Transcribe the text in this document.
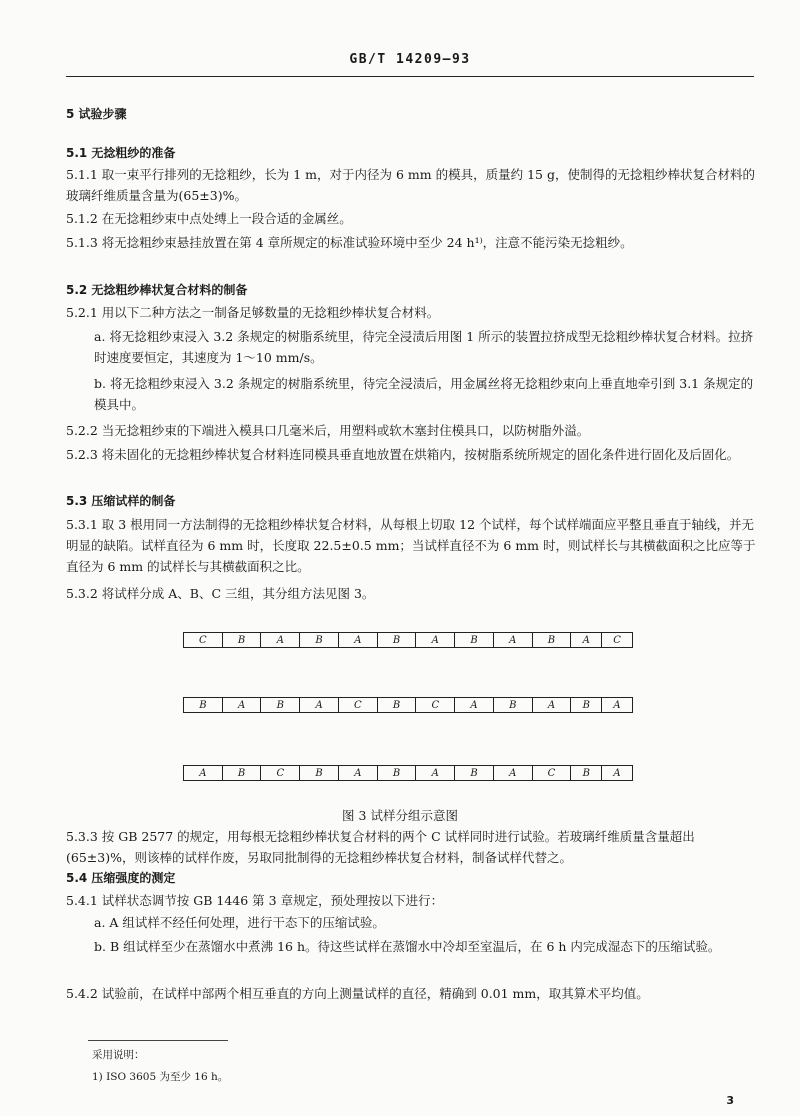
GB/T 14209—93
5 试验步骤
5.1 无捻粗纱的准备
5.1.1 取一束平行排列的无捻粗纱，长为 1 m，对于内径为 6 mm 的模具，质量约 15 g，使制得的无捻粗纱棒状复合材料的玻璃纤维质量含量为(65±3)%。
5.1.2 在无捻粗纱束中点处缚上一段合适的金属丝。
5.1.3 将无捻粗纱束悬挂放置在第 4 章所规定的标准试验环境中至少 24 h¹⁾，注意不能污染无捻粗纱。
5.2 无捻粗纱棒状复合材料的制备
5.2.1 用以下二种方法之一制备足够数量的无捻粗纱棒状复合材料。
a. 将无捻粗纱束浸入 3.2 条规定的树脂系统里，待完全浸渍后用图 1 所示的装置拉挤成型无捻粗纱棒状复合材料。拉挤时速度要恒定，其速度为 1～10 mm/s。
b. 将无捻粗纱束浸入 3.2 条规定的树脂系统里，待完全浸渍后，用金属丝将无捻粗纱束向上垂直地牵引到 3.1 条规定的模具中。
5.2.2 当无捻粗纱束的下端进入模具口几毫米后，用塑料或软木塞封住模具口，以防树脂外溢。
5.2.3 将未固化的无捻粗纱棒状复合材料连同模具垂直地放置在烘箱内，按树脂系统所规定的固化条件进行固化及后固化。
5.3 压缩试样的制备
5.3.1 取 3 根用同一方法制得的无捻粗纱棒状复合材料，从每根上切取 12 个试样，每个试样端面应平整且垂直于轴线，并无明显的缺陷。试样直径为 6 mm 时，长度取 22.5±0.5 mm；当试样直径不为 6 mm 时，则试样长与其横截面积之比应等于直径为 6 mm 的试样长与其横截面积之比。
5.3.2 将试样分成 A、B、C 三组，其分组方法见图 3。
C	B	A	B	A	B	A	B	A	B	A	C
B	A	B	A	C	B	C	A	B	A	B	A
A	B	C	B	A	B	A	B	A	C	B	A
图 3 试样分组示意图
5.3.3 按 GB 2577 的规定，用每根无捻粗纱棒状复合材料的两个 C 试样同时进行试验。若玻璃纤维质量含量超出(65±3)%，则该棒的试样作废，另取同批制得的无捻粗纱棒状复合材料，制备试样代替之。
5.4 压缩强度的测定
5.4.1 试样状态调节按 GB 1446 第 3 章规定，预处理按以下进行：
a. A 组试样不经任何处理，进行干态下的压缩试验。
b. B 组试样至少在蒸馏水中煮沸 16 h。待这些试样在蒸馏水中冷却至室温后，在 6 h 内完成湿态下的压缩试验。
5.4.2 试验前，在试样中部两个相互垂直的方向上测量试样的直径，精确到 0.01 mm，取其算术平均值。
采用说明：
1) ISO 3605 为至少 16 h。
3
